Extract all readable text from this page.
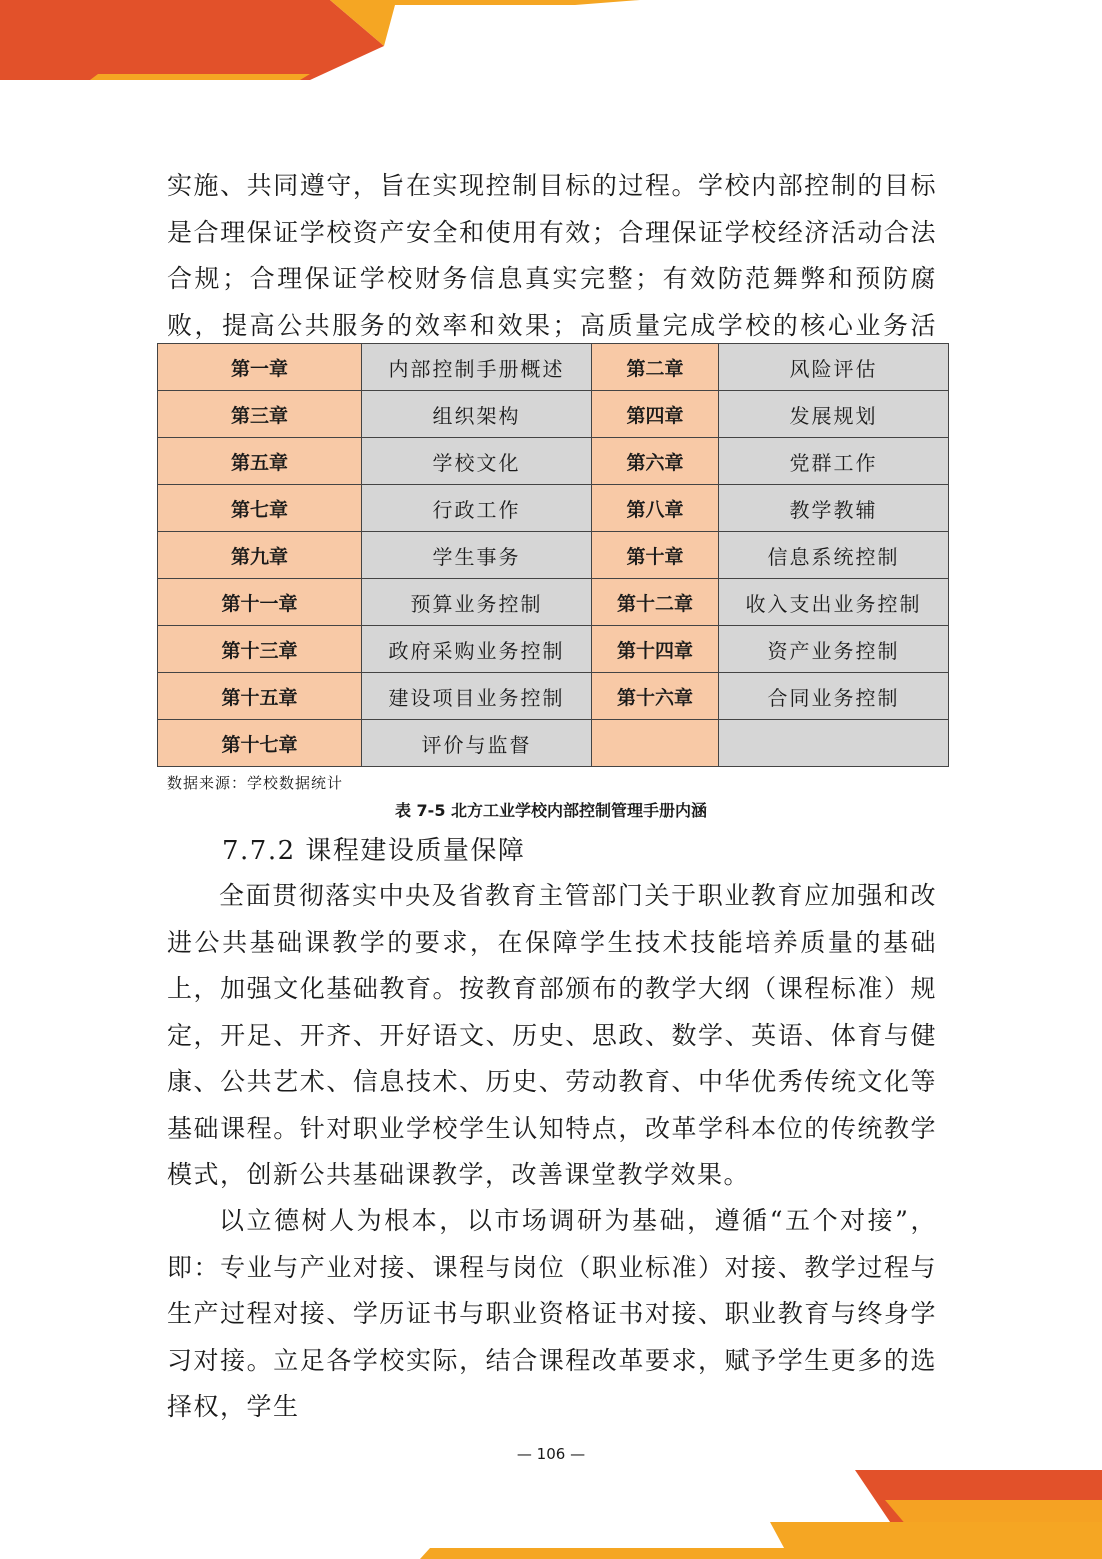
实施、共同遵守，旨在实现控制目标的过程。学校内部控制的目标是合理保证学校资产安全和使用有效；合理保证学校经济活动合法合规；合理保证学校财务信息真实完整；有效防范舞弊和预防腐败，提高公共服务的效率和效果；高质量完成学校的核心业务活

第一章	内部控制手册概述	第二章	风险评估
第三章	组织架构	第四章	发展规划
第五章	学校文化	第六章	党群工作
第七章	行政工作	第八章	教学教辅
第九章	学生事务	第十章	信息系统控制
第十一章	预算业务控制	第十二章	收入支出业务控制
第十三章	政府采购业务控制	第十四章	资产业务控制
第十五章	建设项目业务控制	第十六章	合同业务控制
第十七章	评价与监督		

数据来源：学校数据统计

表 7-5 北方工业学校内部控制管理手册内涵

7.7.2 课程建设质量保障

全面贯彻落实中央及省教育主管部门关于职业教育应加强和改进公共基础课教学的要求，在保障学生技术技能培养质量的基础上，加强文化基础教育。按教育部颁布的教学大纲（课程标准）规定，开足、开齐、开好语文、历史、思政、数学、英语、体育与健康、公共艺术、信息技术、历史、劳动教育、中华优秀传统文化等基础课程。针对职业学校学生认知特点，改革学科本位的传统教学模式，创新公共基础课教学，改善课堂教学效果。

以立德树人为根本，以市场调研为基础，遵循“五个对接”，即：专业与产业对接、课程与岗位（职业标准）对接、教学过程与生产过程对接、学历证书与职业资格证书对接、职业教育与终身学习对接。立足各学校实际，结合课程改革要求，赋予学生更多的选择权，学生

— 106 —
